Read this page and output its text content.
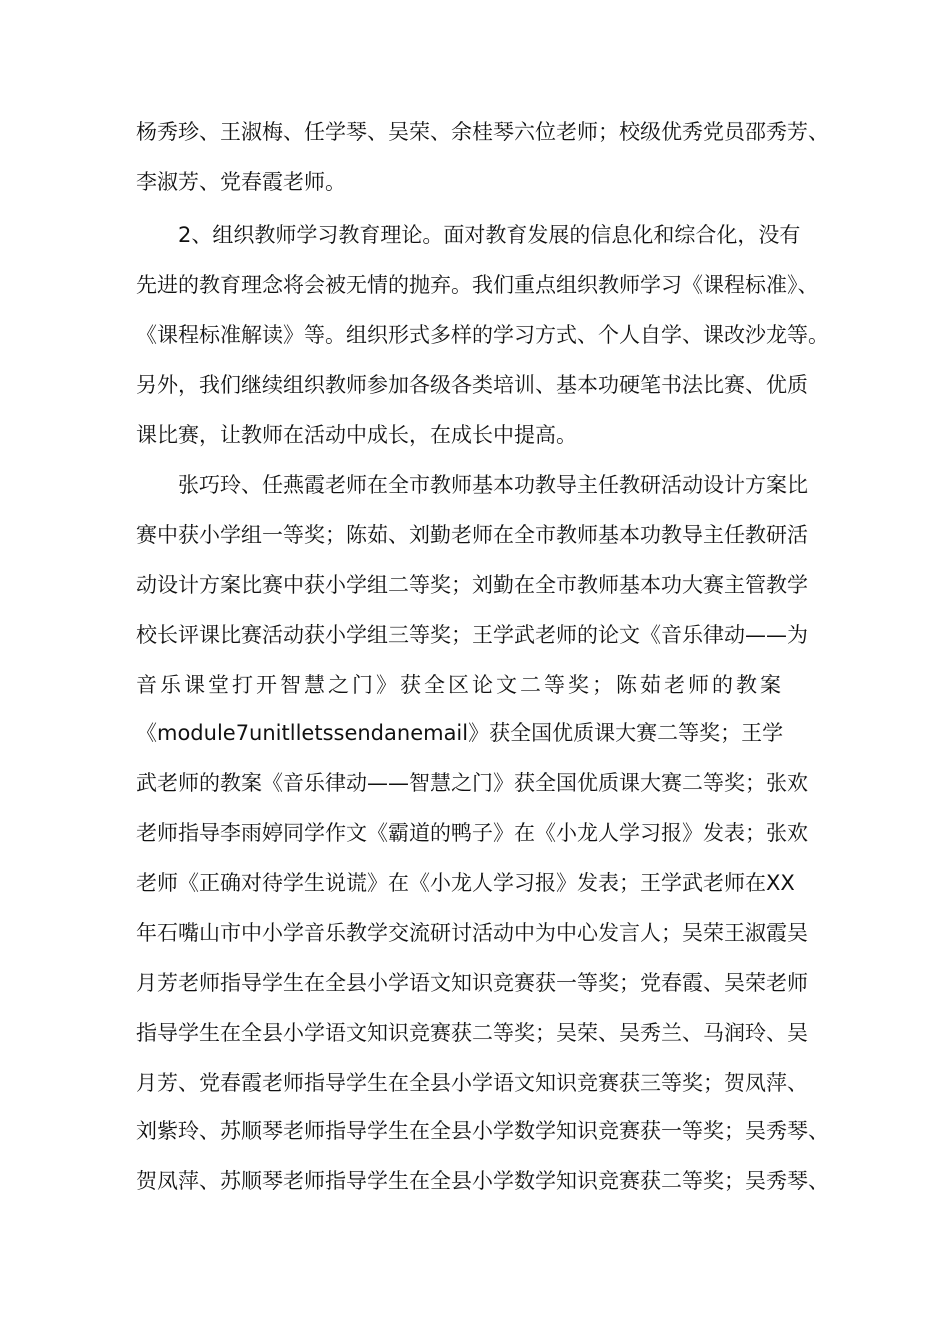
杨秀珍、王淑梅、任学琴、吴荣、余桂琴六位老师；校级优秀党员邵秀芳、
李淑芳、党春霞老师。
2、组织教师学习教育理论。面对教育发展的信息化和综合化，没有
先进的教育理念将会被无情的抛弃。我们重点组织教师学习《课程标准》、
《课程标准解读》等。组织形式多样的学习方式、个人自学、课改沙龙等。
另外，我们继续组织教师参加各级各类培训、基本功硬笔书法比赛、优质
课比赛，让教师在活动中成长，在成长中提高。
张巧玲、任燕霞老师在全市教师基本功教导主任教研活动设计方案比
赛中获小学组一等奖；陈茹、刘勤老师在全市教师基本功教导主任教研活
动设计方案比赛中获小学组二等奖；刘勤在全市教师基本功大赛主管教学
校长评课比赛活动获小学组三等奖；王学武老师的论文《音乐律动——为
音乐课堂打开智慧之门》获全区论文二等奖；陈茹老师的教案
《module7unitlletssendanemail》获全国优质课大赛二等奖；王学
武老师的教案《音乐律动——智慧之门》获全国优质课大赛二等奖；张欢
老师指导李雨婷同学作文《霸道的鸭子》在《小龙人学习报》发表；张欢
老师《正确对待学生说谎》在《小龙人学习报》发表；王学武老师在XX
年石嘴山市中小学音乐教学交流研讨活动中为中心发言人；吴荣王淑霞吴
月芳老师指导学生在全县小学语文知识竞赛获一等奖；党春霞、吴荣老师
指导学生在全县小学语文知识竞赛获二等奖；吴荣、吴秀兰、马润玲、吴
月芳、党春霞老师指导学生在全县小学语文知识竞赛获三等奖；贺凤萍、
刘紫玲、苏顺琴老师指导学生在全县小学数学知识竞赛获一等奖；吴秀琴、
贺凤萍、苏顺琴老师指导学生在全县小学数学知识竞赛获二等奖；吴秀琴、
